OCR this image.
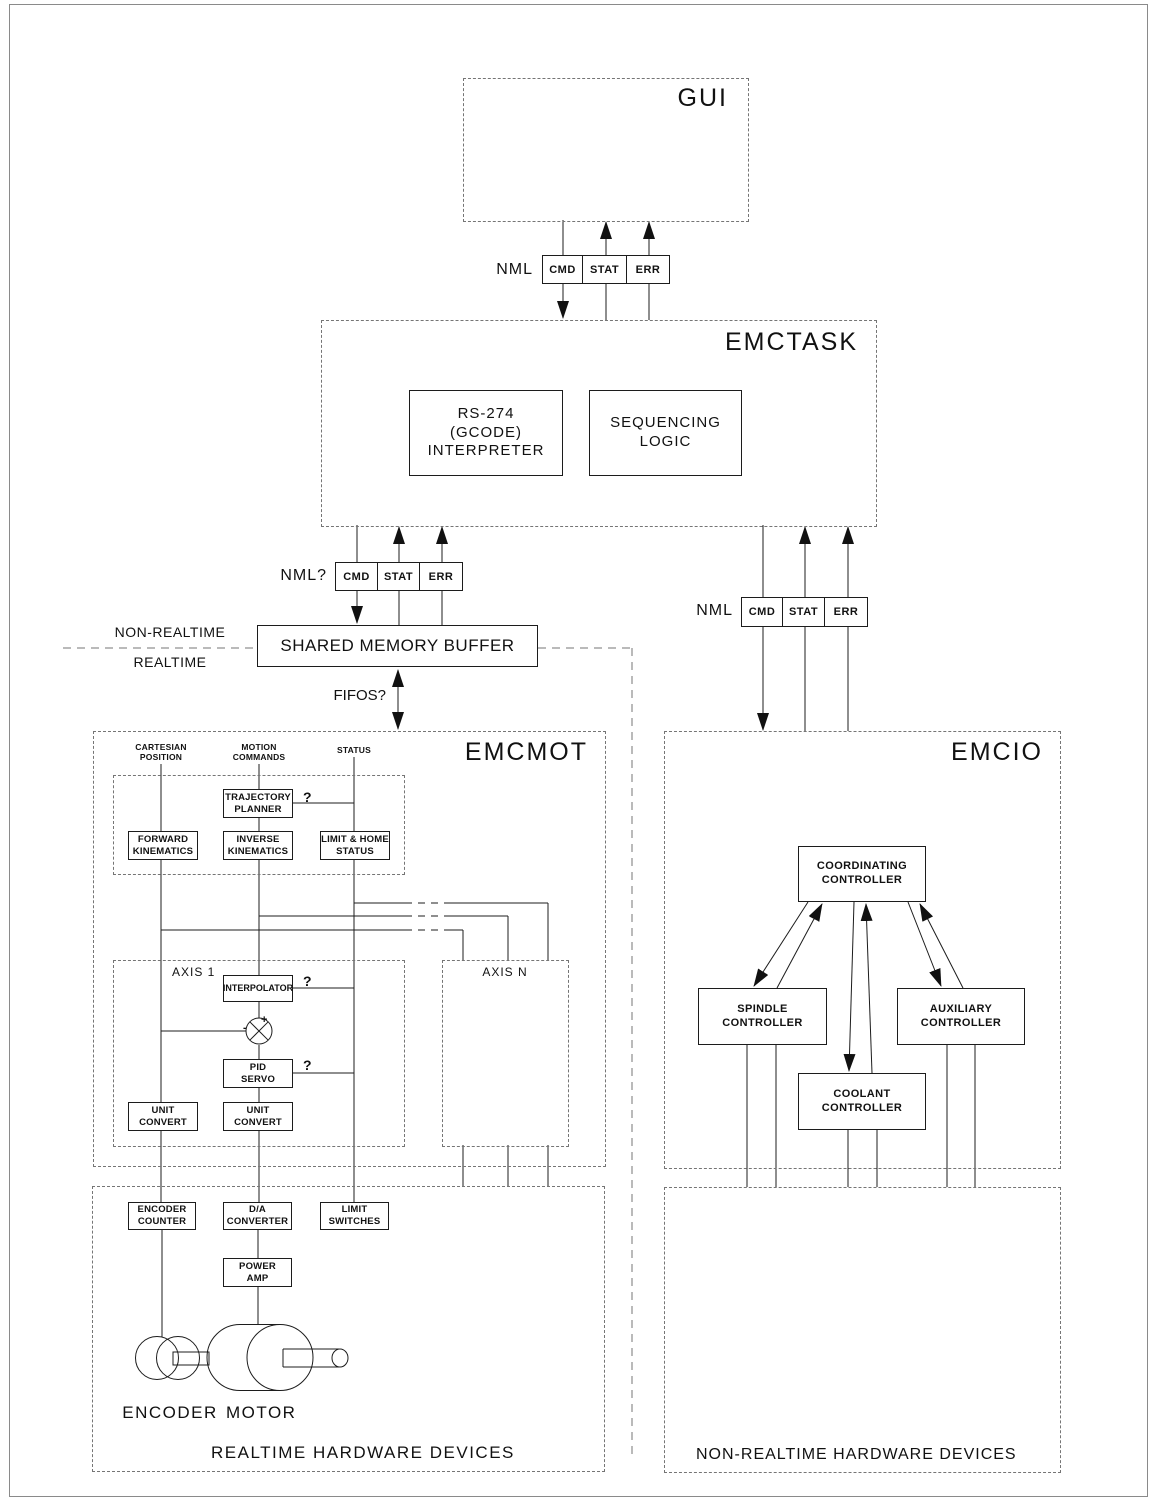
GUI
EMCTASK
EMCMOT	EMCIO
NML	CMD	STAT	ERR
NML?	CMD	STAT	ERR
NML	CMD	STAT	ERR
RS-274
(GCODE)
INTERPRETER
SEQUENCING
LOGIC
SHARED MEMORY BUFFER
NON-REALTIME
REALTIME
FIFOS?
CARTESIAN
POSITION
MOTION
COMMANDS
STATUS
TRAJECTORY
PLANNER
FORWARD
KINEMATICS
INVERSE
KINEMATICS
LIMIT & HOME
STATUS
?
?
?
AXIS 1	AXIS N
INTERPOLATOR
+
-
PID
SERVO
UNIT
CONVERT
UNIT
CONVERT
ENCODER
COUNTER
D/A
CONVERTER
LIMIT
SWITCHES
POWER
AMP
ENCODER MOTOR
REALTIME HARDWARE DEVICES	NON-REALTIME HARDWARE DEVICES
COORDINATING
CONTROLLER
SPINDLE
CONTROLLER
AUXILIARY
CONTROLLER
COOLANT
CONTROLLER
